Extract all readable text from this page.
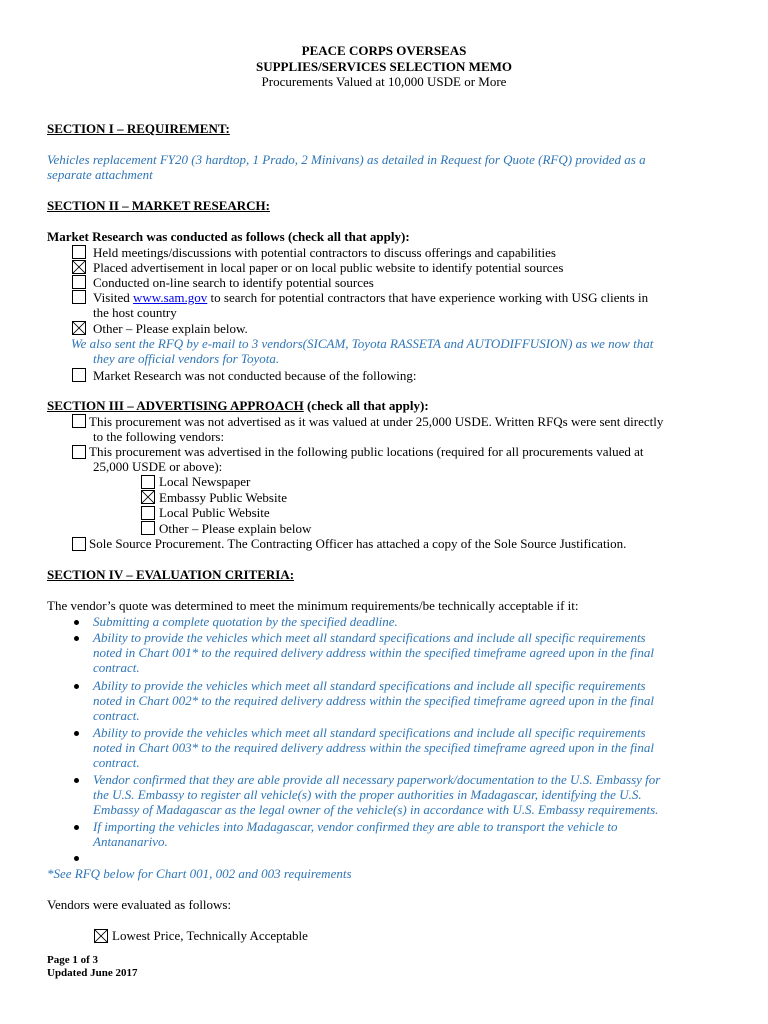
PEACE CORPS OVERSEAS
SUPPLIES/SERVICES SELECTION MEMO
Procurements Valued at 10,000 USDE or More
SECTION I – REQUIREMENT:
Vehicles replacement FY20 (3 hardtop, 1 Prado, 2 Minivans) as detailed in Request for Quote (RFQ) provided as a
separate attachment
SECTION II – MARKET RESEARCH:
Market Research was conducted as follows (check all that apply):
Held meetings/discussions with potential contractors to discuss offerings and capabilities
Placed advertisement in local paper or on local public website to identify potential sources
Conducted on-line search to identify potential sources
Visited www.sam.gov to search for potential contractors that have experience working with USG clients in
the host country
Other – Please explain below.
We also sent the RFQ by e-mail to 3 vendors(SICAM, Toyota RASSETA and AUTODIFFUSION) as we now that
they are official vendors for Toyota.
Market Research was not conducted because of the following:
SECTION III – ADVERTISING APPROACH (check all that apply):
This procurement was not advertised as it was valued at under 25,000 USDE. Written RFQs were sent directly
to the following vendors:
This procurement was advertised in the following public locations (required for all procurements valued at
25,000 USDE or above):
Local Newspaper
Embassy Public Website
Local Public Website
Other – Please explain below
Sole Source Procurement. The Contracting Officer has attached a copy of the Sole Source Justification.
SECTION IV – EVALUATION CRITERIA:
The vendor’s quote was determined to meet the minimum requirements/be technically acceptable if it:
Submitting a complete quotation by the specified deadline.
Ability to provide the vehicles which meet all standard specifications and include all specific requirements
noted in Chart 001* to the required delivery address within the specified timeframe agreed upon in the final
contract.
Ability to provide the vehicles which meet all standard specifications and include all specific requirements
noted in Chart 002* to the required delivery address within the specified timeframe agreed upon in the final
contract.
Ability to provide the vehicles which meet all standard specifications and include all specific requirements
noted in Chart 003* to the required delivery address within the specified timeframe agreed upon in the final
contract.
Vendor confirmed that they are able provide all necessary paperwork/documentation to the U.S. Embassy for
the U.S. Embassy to register all vehicle(s) with the proper authorities in Madagascar, identifying the U.S.
Embassy of Madagascar as the legal owner of the vehicle(s) in accordance with U.S. Embassy requirements.
If importing the vehicles into Madagascar, vendor confirmed they are able to transport the vehicle to
Antananarivo.
*See RFQ below for Chart 001, 002 and 003 requirements
Vendors were evaluated as follows:
Lowest Price, Technically Acceptable
Page 1 of 3
Updated June 2017
